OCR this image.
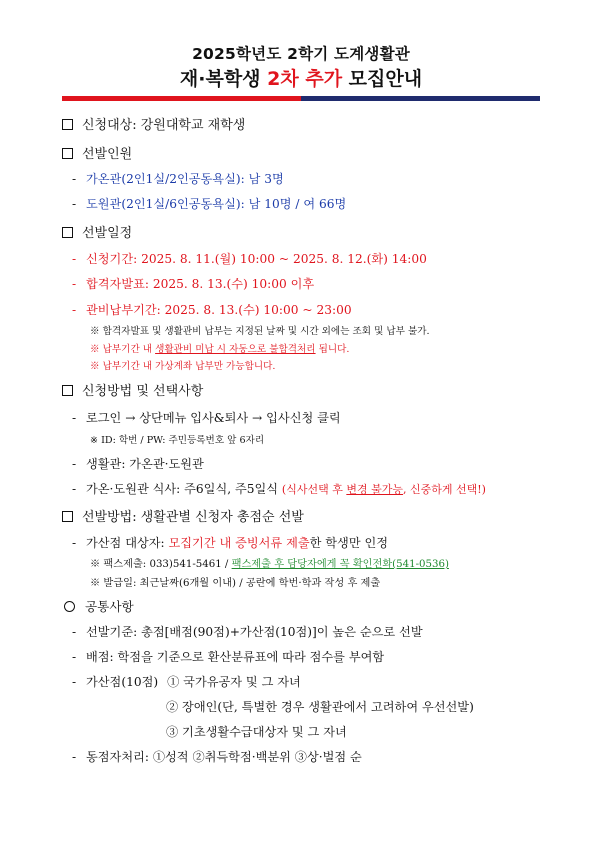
2025학년도 2학기 도계생활관
재·복학생 2차 추가 모집안내
신청대상: 강원대학교 재학생
선발인원
- 가온관(2인1실/2인공동욕실): 남 3명
- 도원관(2인1실/6인공동욕실): 남 10명 / 여 66명
선발일정
- 신청기간: 2025. 8. 11.(월) 10:00 ~ 2025. 8. 12.(화) 14:00
- 합격자발표: 2025. 8. 13.(수) 10:00 이후
- 관비납부기간: 2025. 8. 13.(수) 10:00 ~ 23:00
※ 합격자발표 및 생활관비 납부는 지정된 날짜 및 시간 외에는 조회 및 납부 불가.
※ 납부기간 내 생활관비 미납 시 자동으로 불합격처리 됩니다.
※ 납부기간 내 가상계좌 납부만 가능합니다.
신청방법 및 선택사항
- 로그인 → 상단메뉴 입사&퇴사 → 입사신청 클릭
※ ID: 학번 / PW: 주민등록번호 앞 6자리
- 생활관: 가온관·도원관
- 가온·도원관 식사: 주6일식, 주5일식 (식사선택 후 변경 불가능, 신중하게 선택!)
선발방법: 생활관별 신청자 총점순 선발
- 가산점 대상자: 모집기간 내 증빙서류 제출한 학생만 인정
※ 팩스제출: 033)541-5461 / 팩스제출 후 담당자에게 꼭 확인전화(541-0536)
※ 발급일: 최근날짜(6개월 이내) / 공란에 학번·학과 작성 후 제출
공통사항
- 선발기준: 총점[배점(90점)+가산점(10점)]이 높은 순으로 선발
- 배점: 학점을 기준으로 환산분류표에 따라 점수를 부여함
- 가산점(10점) ① 국가유공자 및 그 자녀
② 장애인(단, 특별한 경우 생활관에서 고려하여 우선선발)
③ 기초생활수급대상자 및 그 자녀
- 동점자처리: ①성적 ②취득학점·백분위 ③상·벌점 순
